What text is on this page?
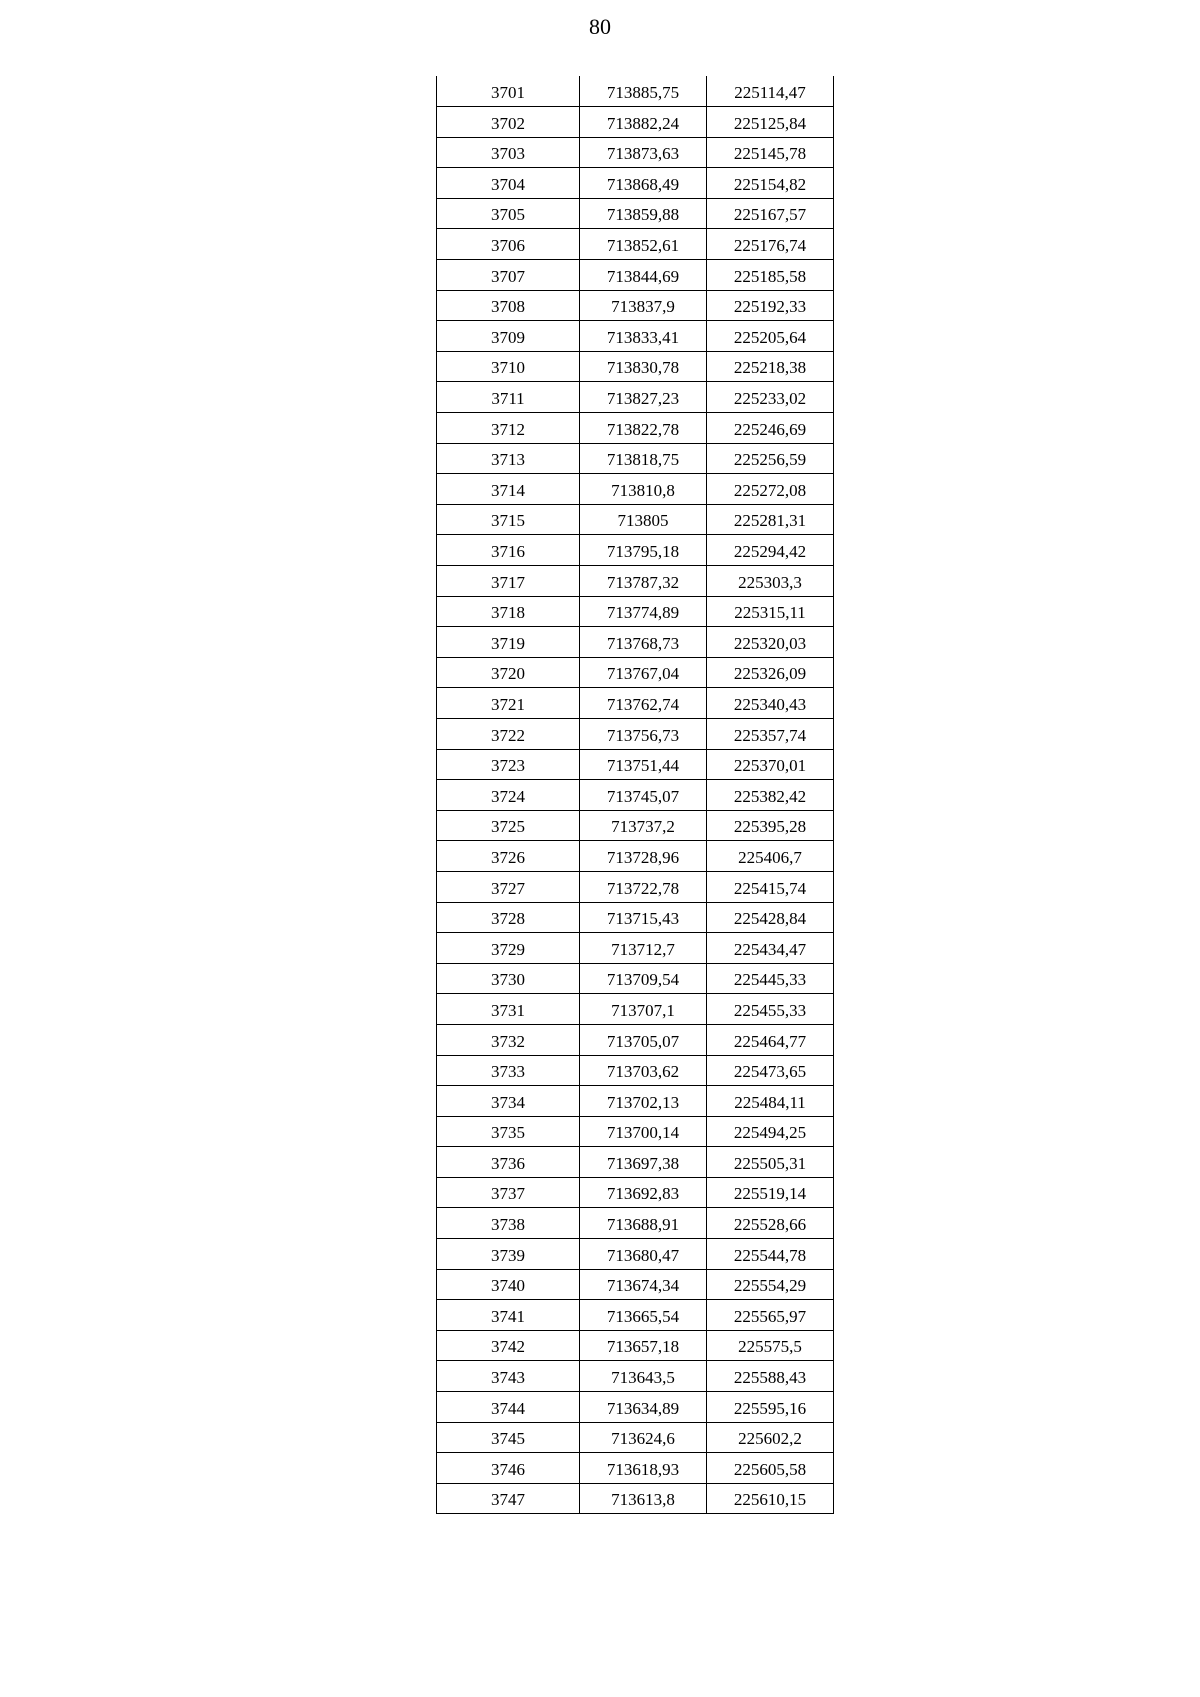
80
3701	713885,75	225114,47
3702	713882,24	225125,84
3703	713873,63	225145,78
3704	713868,49	225154,82
3705	713859,88	225167,57
3706	713852,61	225176,74
3707	713844,69	225185,58
3708	713837,9	225192,33
3709	713833,41	225205,64
3710	713830,78	225218,38
3711	713827,23	225233,02
3712	713822,78	225246,69
3713	713818,75	225256,59
3714	713810,8	225272,08
3715	713805	225281,31
3716	713795,18	225294,42
3717	713787,32	225303,3
3718	713774,89	225315,11
3719	713768,73	225320,03
3720	713767,04	225326,09
3721	713762,74	225340,43
3722	713756,73	225357,74
3723	713751,44	225370,01
3724	713745,07	225382,42
3725	713737,2	225395,28
3726	713728,96	225406,7
3727	713722,78	225415,74
3728	713715,43	225428,84
3729	713712,7	225434,47
3730	713709,54	225445,33
3731	713707,1	225455,33
3732	713705,07	225464,77
3733	713703,62	225473,65
3734	713702,13	225484,11
3735	713700,14	225494,25
3736	713697,38	225505,31
3737	713692,83	225519,14
3738	713688,91	225528,66
3739	713680,47	225544,78
3740	713674,34	225554,29
3741	713665,54	225565,97
3742	713657,18	225575,5
3743	713643,5	225588,43
3744	713634,89	225595,16
3745	713624,6	225602,2
3746	713618,93	225605,58
3747	713613,8	225610,15
